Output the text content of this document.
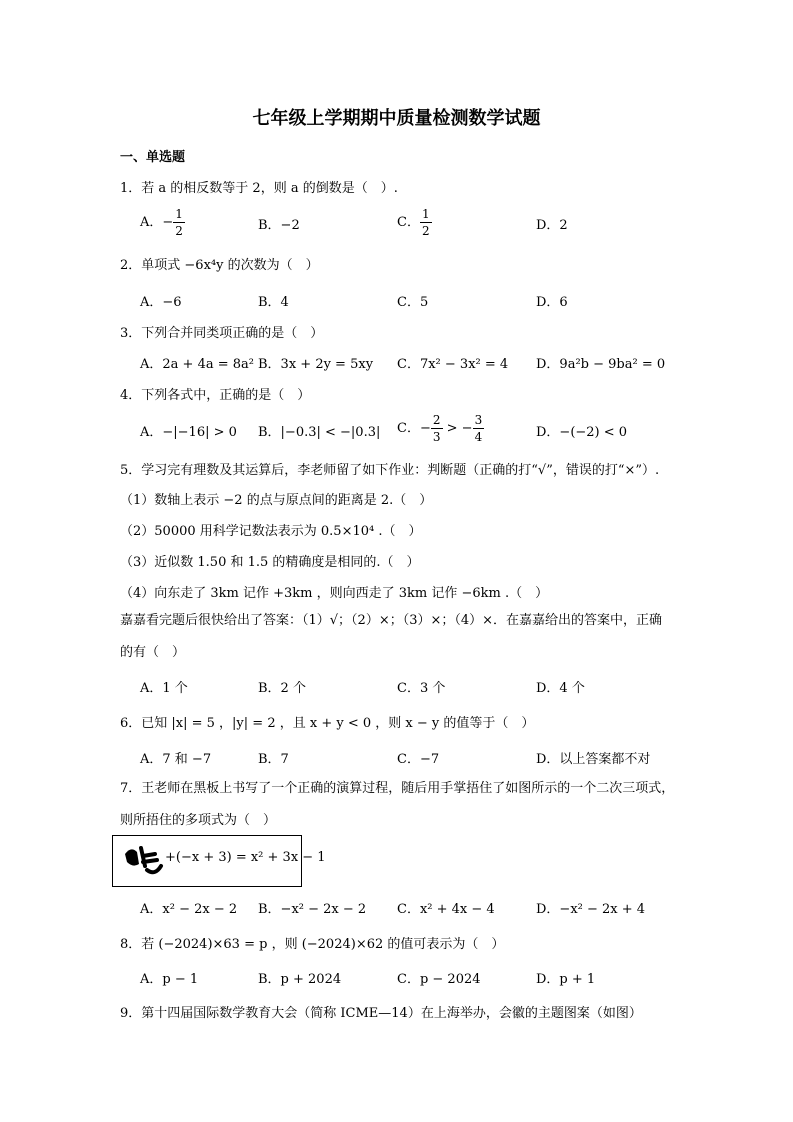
七年级上学期期中质量检测数学试题
一、单选题
1．若 a 的相反数等于 2，则 a 的倒数是（　）.
A．− $\frac{1}{2}$	B．−2	C． $\frac{1}{2}$	D．2
2．单项式 −6x⁴y 的次数为（　）
A．−6	B．4	C．5	D．6
3．下列合并同类项正确的是（　）
A．2a + 4a = 8a² B．3x + 2y = 5xy C．7x² − 3x² = 4 D．9a²b − 9ba² = 0
4．下列各式中，正确的是（　）
A．−|−16| > 0 B．|−0.3| < −|0.3| C．− $\frac{2}{3}$ > − $\frac{3}{4}$	D．−(−2) < 0
5．学习完有理数及其运算后，李老师留了如下作业：判断题（正确的打“√”，错误的打“×”）.
（1）数轴上表示 −2 的点与原点间的距离是 2.（　）
（2）50000 用科学记数法表示为 0.5×10⁴ .（　）
（3）近似数 1.50 和 1.5 的精确度是相同的.（　）
（4）向东走了 3km 记作 +3km ，则向西走了 3km 记作 −6km .（　）
嘉嘉看完题后很快给出了答案：（1）√；（2）×；（3）×；（4）×．在嘉嘉给出的答案中，正确的有（　）
A．1 个	B．2 个	C．3 个	D．4 个
6．已知 |x| = 5 ，|y| = 2 ，且 x + y < 0 ，则 x − y 的值等于（　）
A．7 和 −7	B．7	C．−7	D．以上答案都不对
7．王老师在黑板上书写了一个正确的演算过程，随后用手掌捂住了如图所示的一个二次三项式，则所捂住的多项式为（　）
+(−x + 3) = x² + 3x − 1
A．x² − 2x − 2 B．−x² − 2x − 2 C．x² + 4x − 4	D．−x² − 2x + 4
8．若 (−2024)×63 = p ，则 (−2024)×62 的值可表示为（　）
A．p − 1	B．p + 2024	C．p − 2024	D．p + 1
9．第十四届国际数学教育大会（简称 ICME—14）在上海举办，会徽的主题图案（如图）
